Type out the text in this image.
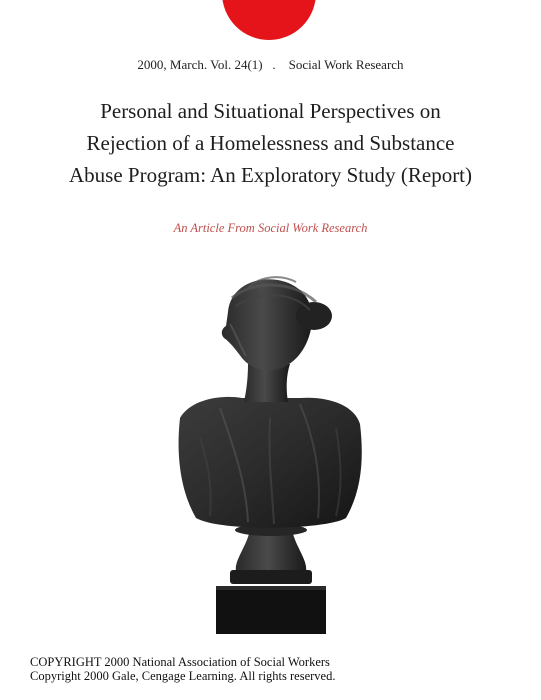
2000, March. Vol. 24(1)   .    Social Work Research
Personal and Situational Perspectives on
Rejection of a Homelessness and Substance
Abuse Program: An Exploratory Study (Report)
An Article From Social Work Research
COPYRIGHT 2000 National Association of Social Workers
Copyright 2000 Gale, Cengage Learning. All rights reserved.
